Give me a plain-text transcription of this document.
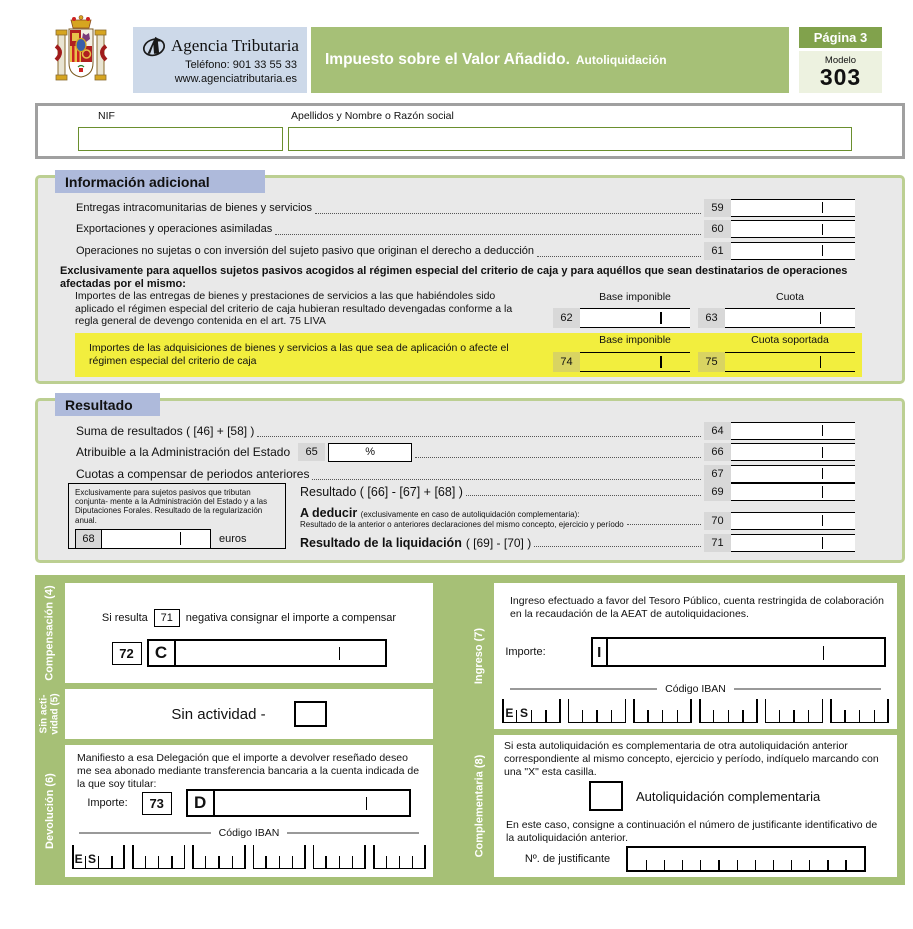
Agencia Tributaria
Teléfono: 901 33 55 33
www.agenciatributaria.es
Impuesto sobre el Valor Añadido. Autoliquidación
Página 3
Modelo
303
NIF	Apellidos y Nombre o Razón social
Información adicional
Entregas intracomunitarias de bienes y servicios	59
Exportaciones y operaciones asimiladas	60
Operaciones no sujetas o con inversión del sujeto pasivo que originan el derecho a deducción	61
Exclusivamente para aquellos sujetos pasivos acogidos al régimen especial del criterio de caja y para aquéllos que sean destinatarios de operaciones afectadas por el mismo:
Importes de las entregas de bienes y prestaciones de servicios a las que habiéndoles sido aplicado el régimen especial del criterio de caja hubieran resultado devengadas conforme a la regla general de devengo contenida en el art. 75 LIVA
Base imponible	Cuota
62	63
Importes de las adquisiciones de bienes y servicios a las que sea de aplicación o afecte el régimen especial del criterio de caja
Base imponible	Cuota soportada
74	75
Resultado
Suma de resultados ( [46] + [58] )	64
Atribuible a la Administración del Estado	65	%	66
Cuotas a compensar de periodos anteriores	67
Exclusivamente para sujetos pasivos que tributan conjunta- mente a la Administración del Estado y a las Diputaciones Forales. Resultado de la regularización anual.
68	euros
Resultado ( [66] - [67] + [68] )	69
A deducir (exclusivamente en caso de autoliquidación complementaria):
Resultado de la anterior o anteriores declaraciones del mismo concepto, ejercicio y período	70
Resultado de la liquidación ( [69] - [70] )	71
Compensación (4)
Sin acti- vidad (5)
Devolución (6)
Ingreso (7)
Complementaria (8)
Si resulta	71	negativa consignar el importe a compensar
72	C
Sin actividad -
Manifiesto a esa Delegación que el importe a devolver reseñado deseo me sea abonado mediante transferencia bancaria a la cuenta indicada de la que soy titular:
Importe:	73	D
Código IBAN
E S
Ingreso efectuado a favor del Tesoro Público, cuenta restringida de colaboración en la recaudación de la AEAT de autoliquidaciones.
Importe:	I
Código IBAN
E S
Si esta autoliquidación es complementaria de otra autoliquidación anterior correspondiente al mismo concepto, ejercicio y período, indíquelo marcando con una "X" esta casilla.
Autoliquidación complementaria
En este caso, consigne a continuación el número de justificante identificativo de la autoliquidación anterior.
Nº. de justificante
